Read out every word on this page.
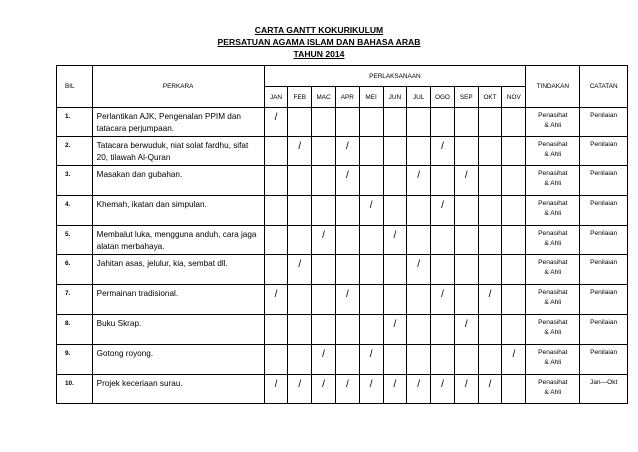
CARTA GANTT KOKURIKULUM
PERSATUAN AGAMA ISLAM DAN BAHASA ARAB
TAHUN 2014
BIL	PERKARA	PERLAKSANAAN											TINDAKAN	CATATAN
		JAN	FEB	MAC	APR	MEI	JUN	JUL	OGO	SEP	OKT	NOV		
1.	Perlantikan AJK, Pengenalan PPIM dan tatacara perjumpaan.	/											Penasihat
& Ahli	Penilaian
2.	Tatacara berwuduk, niat solat fardhu, sifat 20, tilawah Al-Quran		/		/				/				Penasihat
& Ahli	Penilaian
3.	Masakan dan gubahan.				/			/		/			Penasihat
& Ahli	Penilaian
4.	Khemah, ikatan dan simpulan.					/			/				Penasihat
& Ahli	Penilaian
5.	Membalut luka, mengguna anduh, cara jaga alatan merbahaya.			/			/						Penasihat
& Ahli	Penilaian
6.	Jahitan asas, jelulur, kia, sembat dll.		/					/					Penasihat
& Ahli	Penilaian
7.	Permainan tradisional.	/			/				/		/		Penasihat
& Ahli	Penilaian
8.	Buku Skrap.						/			/			Penasihat
& Ahli	Penilaian
9.	Gotong royong.			/		/						/	Penasihat
& Ahli	Penilaian
10.	Projek keceriaan surau.	/	/	/	/	/	/	/	/	/	/		Penasihat
& Ahli	Jan—Okt
